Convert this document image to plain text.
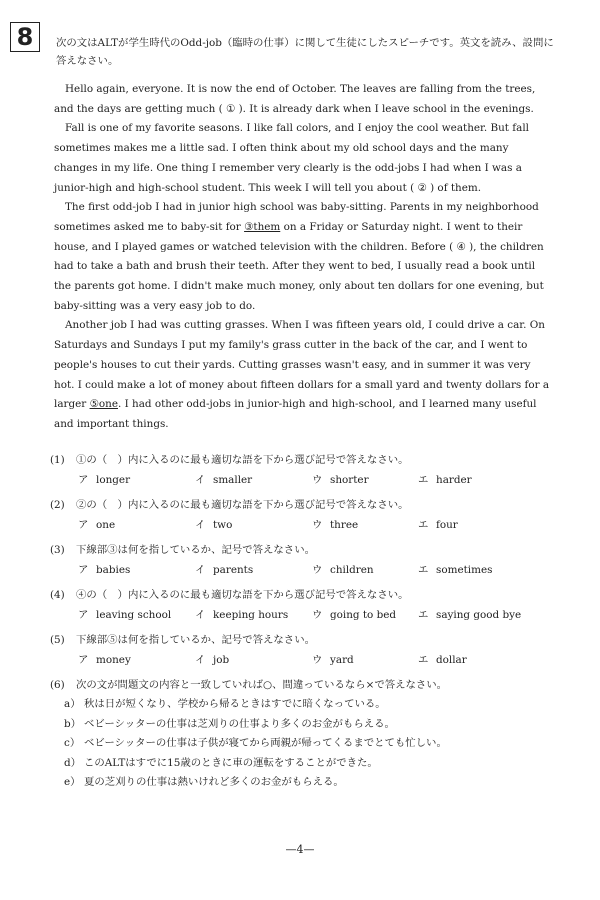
8	次の文はALTが学生時代のOdd-job（臨時の仕事）に関して生徒にしたスピーチです。英文を読み、設問に答えなさい。

Hello again, everyone. It is now the end of October. The leaves are falling from the trees, and the days are getting much ( ① ). It is already dark when I leave school in the evenings.

Fall is one of my favorite seasons. I like fall colors, and I enjoy the cool weather. But fall sometimes makes me a little sad. I often think about my old school days and the many changes in my life. One thing I remember very clearly is the odd-jobs I had when I was a junior-high and high-school student. This week I will tell you about ( ② ) of them.

The first odd-job I had in junior high school was baby-sitting. Parents in my neighborhood sometimes asked me to baby-sit for ③them on a Friday or Saturday night. I went to their house, and I played games or watched television with the children. Before ( ④ ), the children had to take a bath and brush their teeth. After they went to bed, I usually read a book until the parents got home. I didn't make much money, only about ten dollars for one evening, but baby-sitting was a very easy job to do.

Another job I had was cutting grasses. When I was fifteen years old, I could drive a car. On Saturdays and Sundays I put my family's grass cutter in the back of the car, and I went to people's houses to cut their yards. Cutting grasses wasn't easy, and in summer it was very hot. I could make a lot of money about fifteen dollars for a small yard and twenty dollars for a larger ⑤one. I had other odd-jobs in junior-high and high-school, and I learned many useful and important things.

(1)	①の（　）内に入るのに最も適切な語を下から選び記号で答えなさい。
ア longer	イ smaller	ウ shorter	エ harder
(2)	②の（　）内に入るのに最も適切な語を下から選び記号で答えなさい。
ア one	イ two	ウ three	エ four
(3)	下線部③は何を指しているか、記号で答えなさい。
ア babies	イ parents	ウ children	エ sometimes
(4)	④の（　）内に入るのに最も適切な語を下から選び記号で答えなさい。
ア leaving school イ keeping hours ウ going to bed エ saying good bye
(5)	下線部⑤は何を指しているか、記号で答えなさい。
ア money	イ job	ウ yard	エ dollar
(6)	次の文が問題文の内容と一致していれば○、間違っているなら×で答えなさい。
a） 秋は日が短くなり、学校から帰るときはすでに暗くなっている。
b） ベビーシッターの仕事は芝刈りの仕事より多くのお金がもらえる。
c） ベビーシッターの仕事は子供が寝てから両親が帰ってくるまでとても忙しい。
d） このALTはすでに15歳のときに車の運転をすることができた。
e） 夏の芝刈りの仕事は熱いけれど多くのお金がもらえる。
—4—
